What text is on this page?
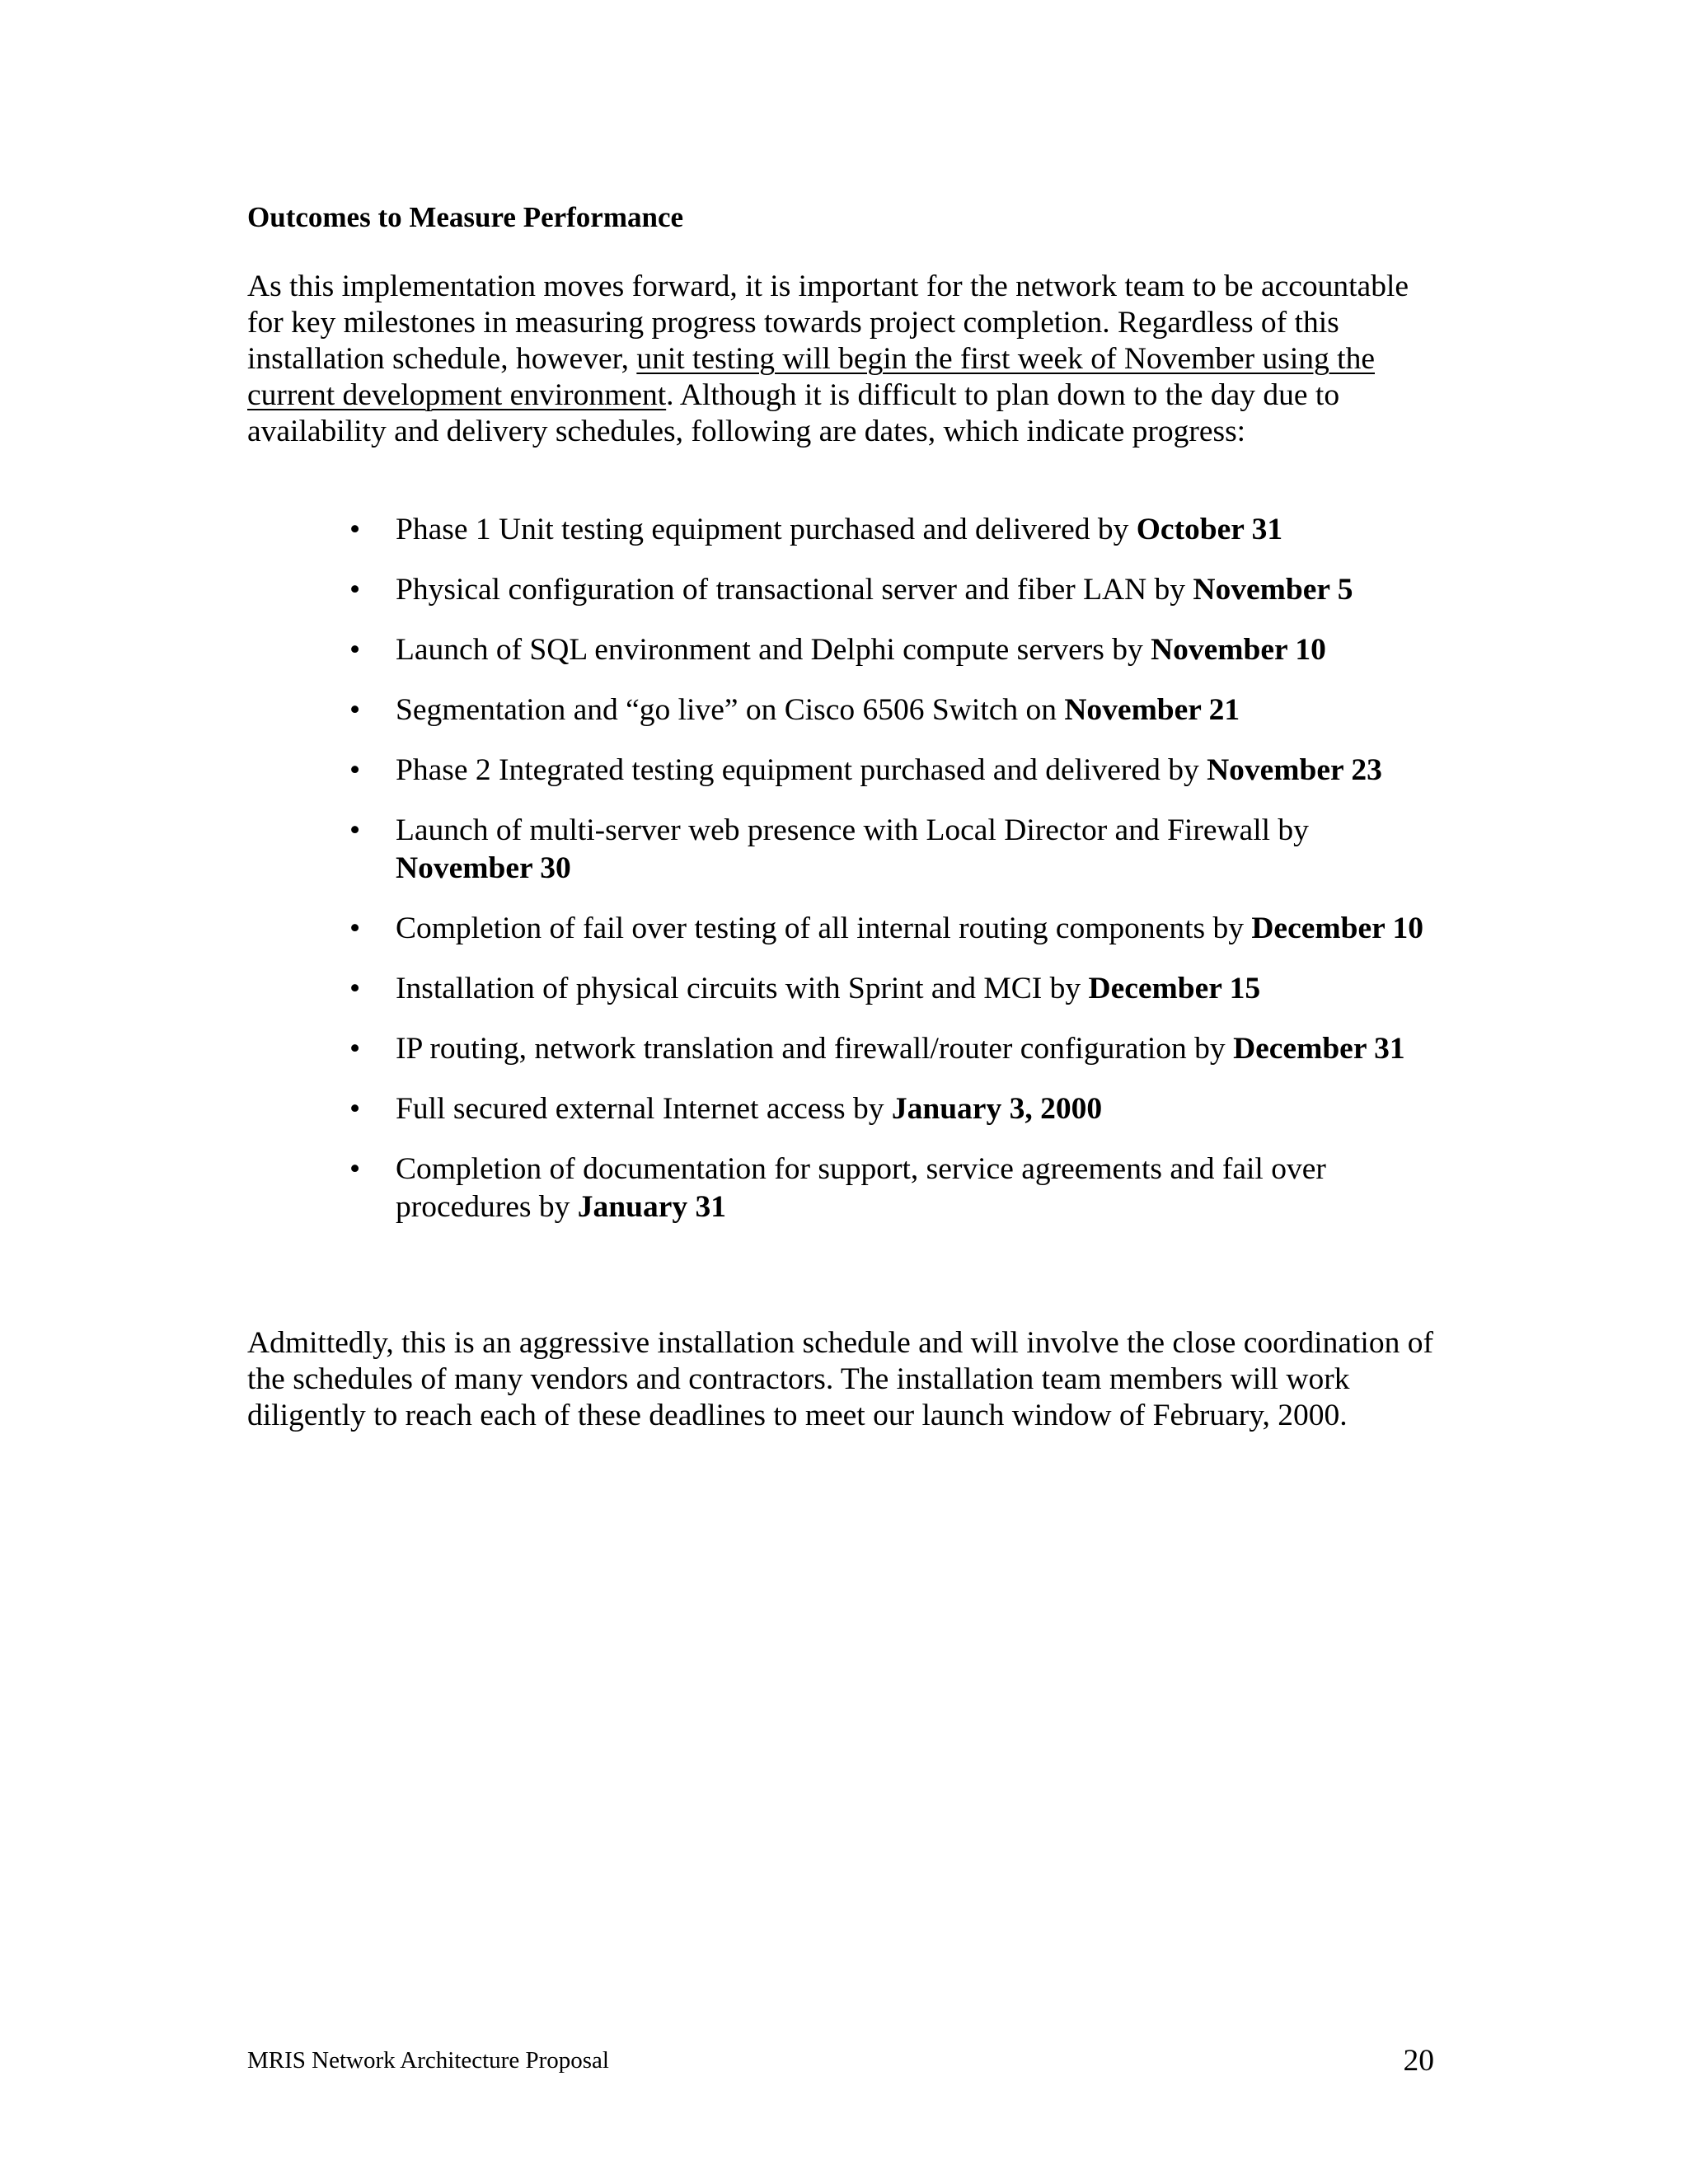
Outcomes to Measure Performance

As this implementation moves forward, it is important for the network team to be accountable for key milestones in measuring progress towards project completion. Regardless of this installation schedule, however, unit testing will begin the first week of November using the current development environment. Although it is difficult to plan down to the day due to availability and delivery schedules, following are dates, which indicate progress:

•	Phase 1 Unit testing equipment purchased and delivered by October 31
•	Physical configuration of transactional server and fiber LAN by November 5
•	Launch of SQL environment and Delphi compute servers by November 10
•	Segmentation and “go live” on Cisco 6506 Switch on November 21
•	Phase 2 Integrated testing equipment purchased and delivered by November 23
•	Launch of multi-server web presence with Local Director and Firewall by November 30
•	Completion of fail over testing of all internal routing components by December 10
•	Installation of physical circuits with Sprint and MCI by December 15
•	IP routing, network translation and firewall/router configuration by December 31
•	Full secured external Internet access by January 3, 2000
•	Completion of documentation for support, service agreements and fail over procedures by January 31

Admittedly, this is an aggressive installation schedule and will involve the close coordination of the schedules of many vendors and contractors. The installation team members will work diligently to reach each of these deadlines to meet our launch window of February, 2000.

MRIS Network Architecture Proposal	20
